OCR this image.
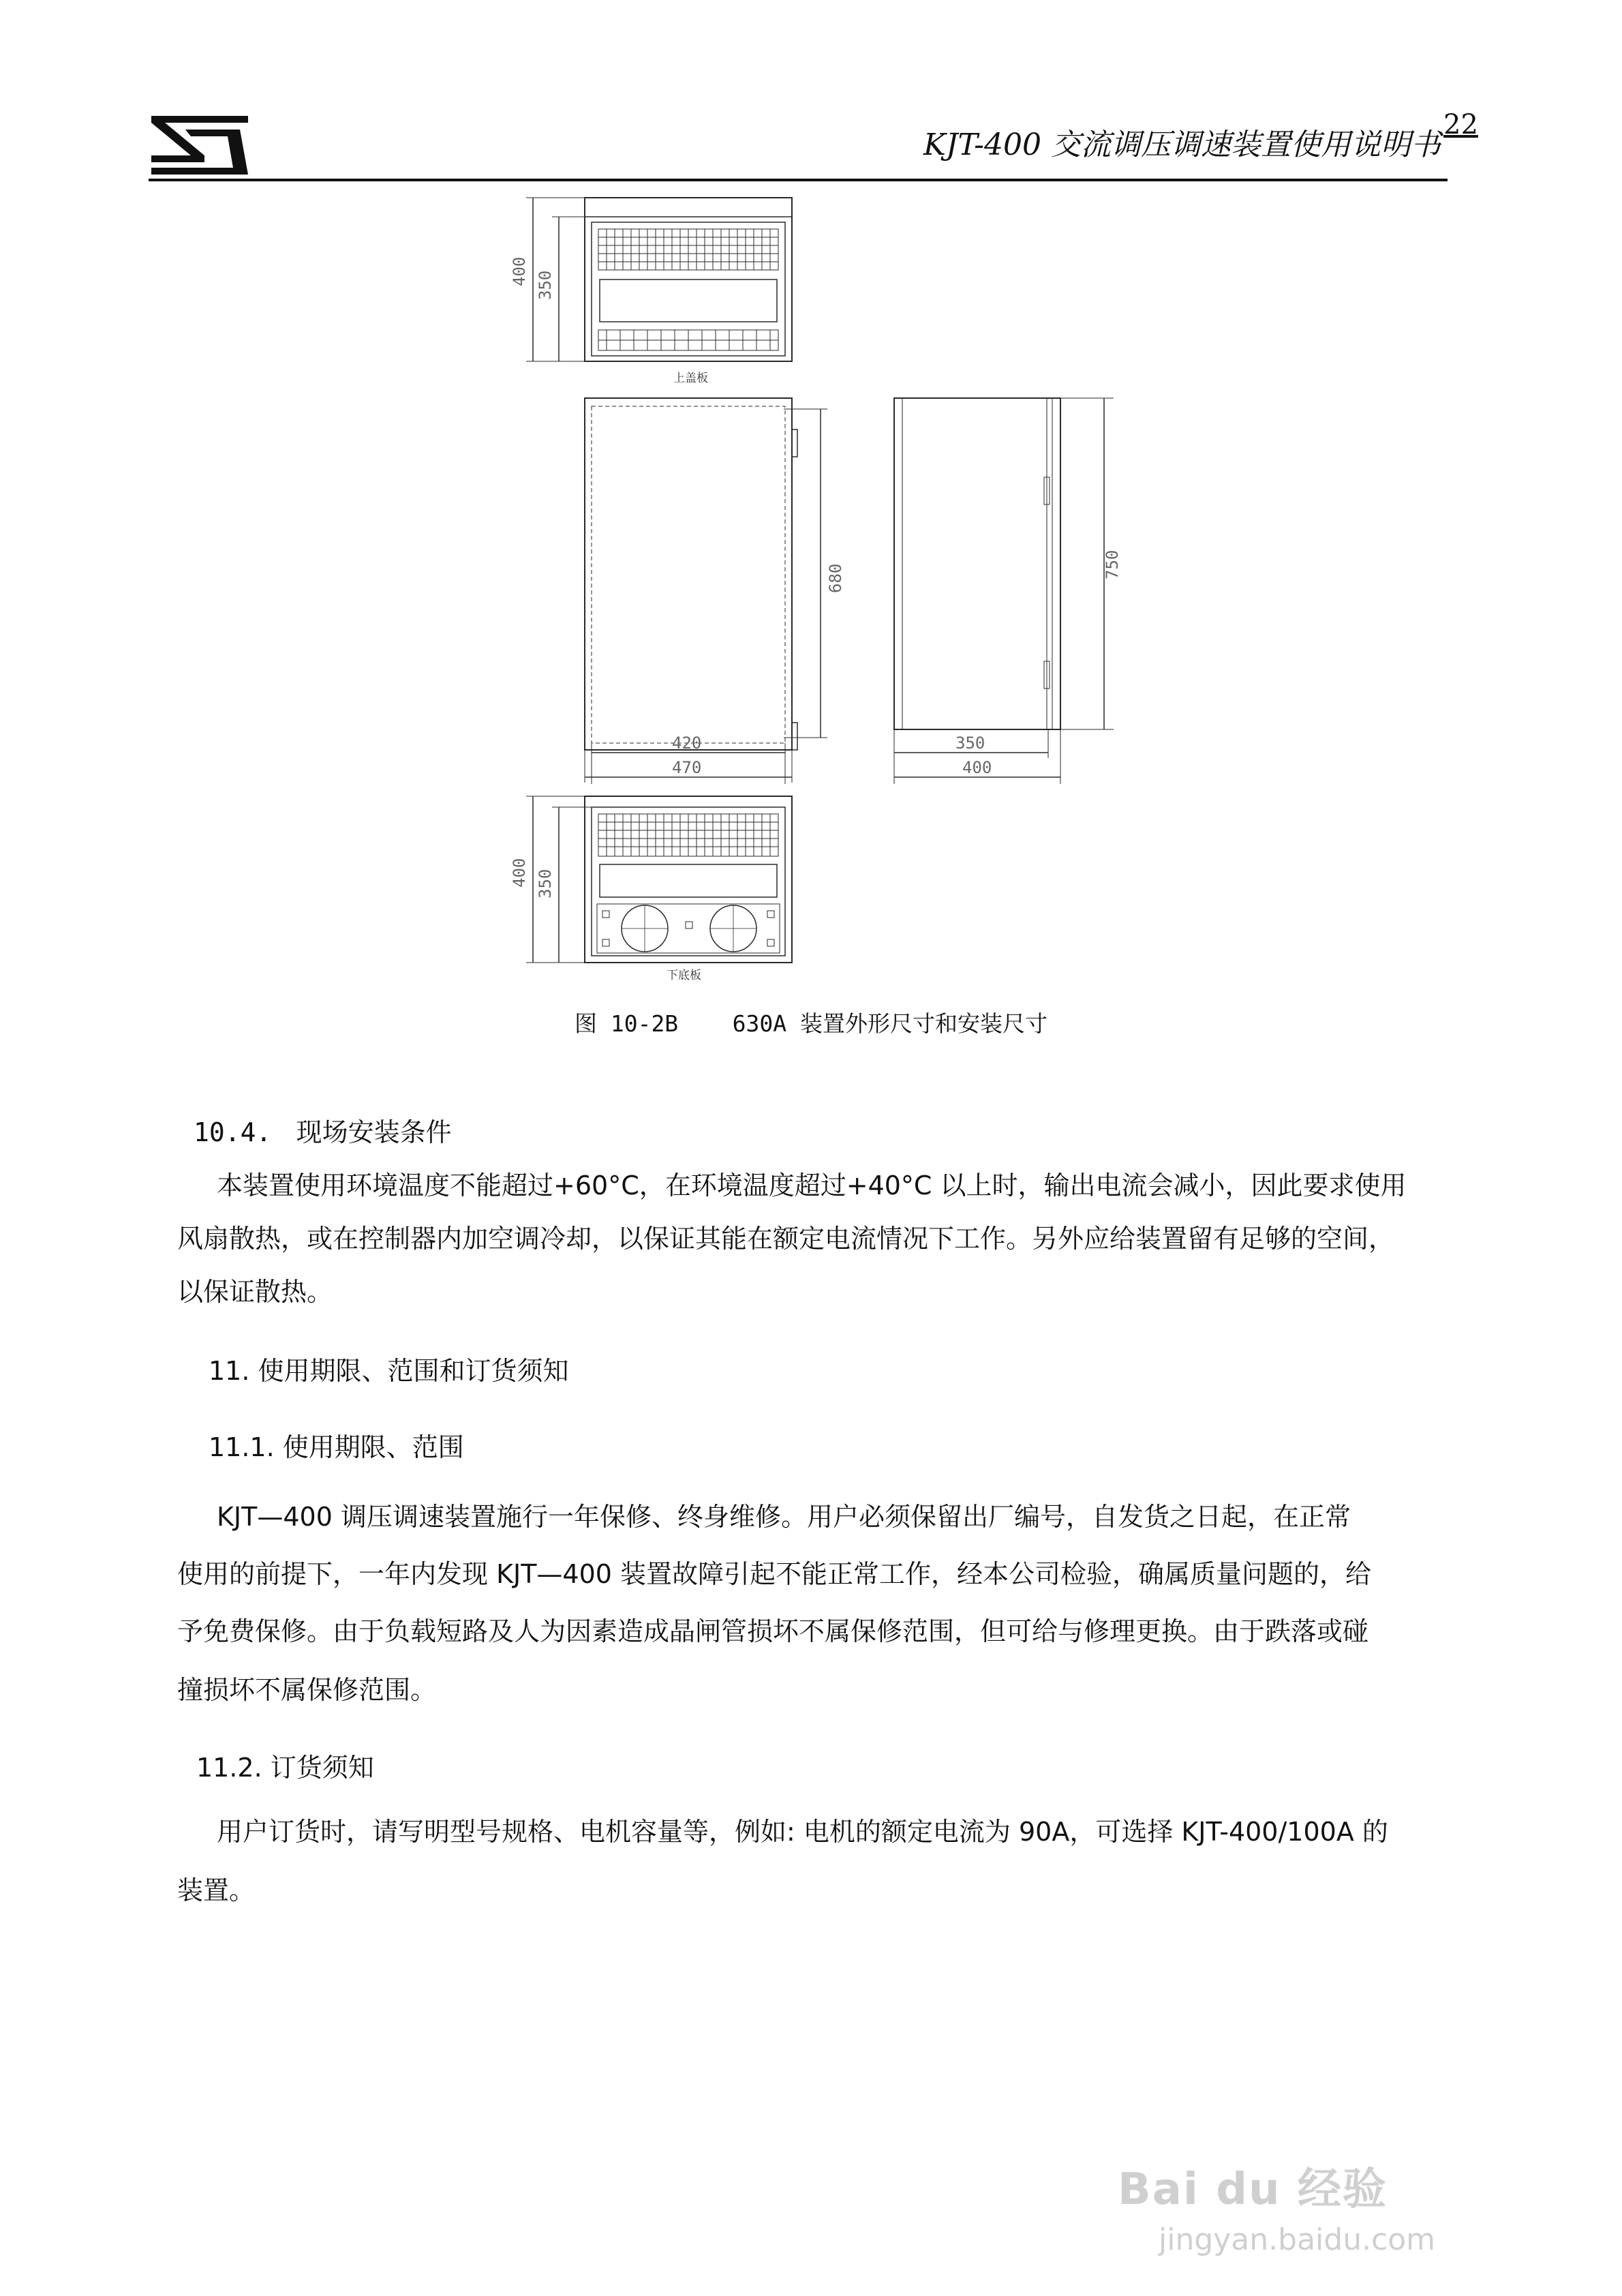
KJT-400 交流调压调速装置使用说明书
22
400 350
上盖板
680
420
470
750
350
400
400 350
下底板
图 10-2B 630A 装置外形尺寸和安装尺寸
10.4. 现场安装条件
本装置使用环境温度不能超过+60°C，在环境温度超过+40°C 以上时，输出电流会减小，因此要求使用
风扇散热，或在控制器内加空调冷却，以保证其能在额定电流情况下工作。另外应给装置留有足够的空间，
以保证散热。
11. 使用期限、范围和订货须知
11.1. 使用期限、范围
KJT—400 调压调速装置施行一年保修、终身维修。用户必须保留出厂编号，自发货之日起，在正常
使用的前提下，一年内发现 KJT—400 装置故障引起不能正常工作，经本公司检验，确属质量问题的，给
予免费保修。由于负载短路及人为因素造成晶闸管损坏不属保修范围，但可给与修理更换。由于跌落或碰
撞损坏不属保修范围。
11.2. 订货须知
用户订货时，请写明型号规格、电机容量等，例如: 电机的额定电流为 90A，可选择 KJT-400/100A 的
装置。
Bai du 经验
jingyan.baidu.com
